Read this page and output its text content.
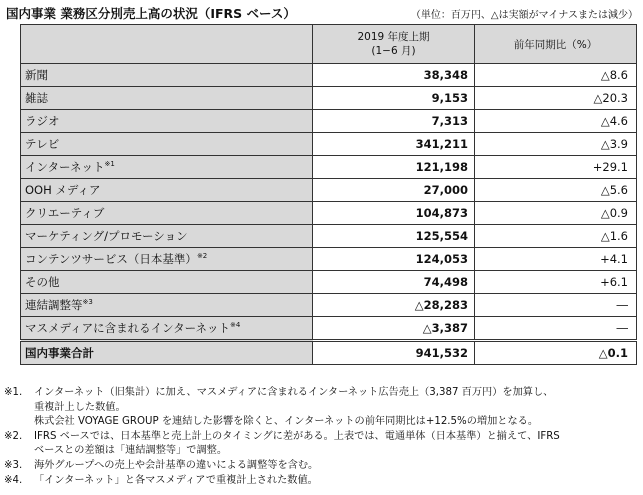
国内事業 業務区分別売上高の状況（IFRS ベース）	（単位：百万円、△は実額がマイナスまたは減少）

	2019 年度上期
(1−6 月)	前年同期比（%）
新聞	38,348	△8.6
雑誌	9,153	△20.3
ラジオ	7,313	△4.6
テレビ	341,211	△3.9
インターネット$^{※1}$	121,198	+29.1
OOH メディア	27,000	△5.6
クリエーティブ	104,873	△0.9
マーケティング/プロモーション	125,554	△1.6
コンテンツサービス（日本基準）$^{※2}$	124,053	+4.1
その他	74,498	+6.1
連結調整等$^{※3}$	△28,283	―
マスメディアに含まれるインターネット$^{※4}$	△3,387	―
国内事業合計	941,532	△0.1
※1.	インターネット（旧集計）に加え、マスメディアに含まれるインターネット広告売上（3,387 百万円）を加算し、
重複計上した数値。
株式会社 VOYAGE GROUP を連結した影響を除くと、インターネットの前年同期比は+12.5%の増加となる。
※2.	IFRS ベースでは、日本基準と売上計上のタイミングに差がある。上表では、電通単体（日本基準）と揃えて、IFRS
ベースとの差額は「連結調整等」で調整。
※3.	海外グループへの売上や会計基準の違いによる調整等を含む。
※4.	「インターネット」と各マスメディアで重複計上された数値。
